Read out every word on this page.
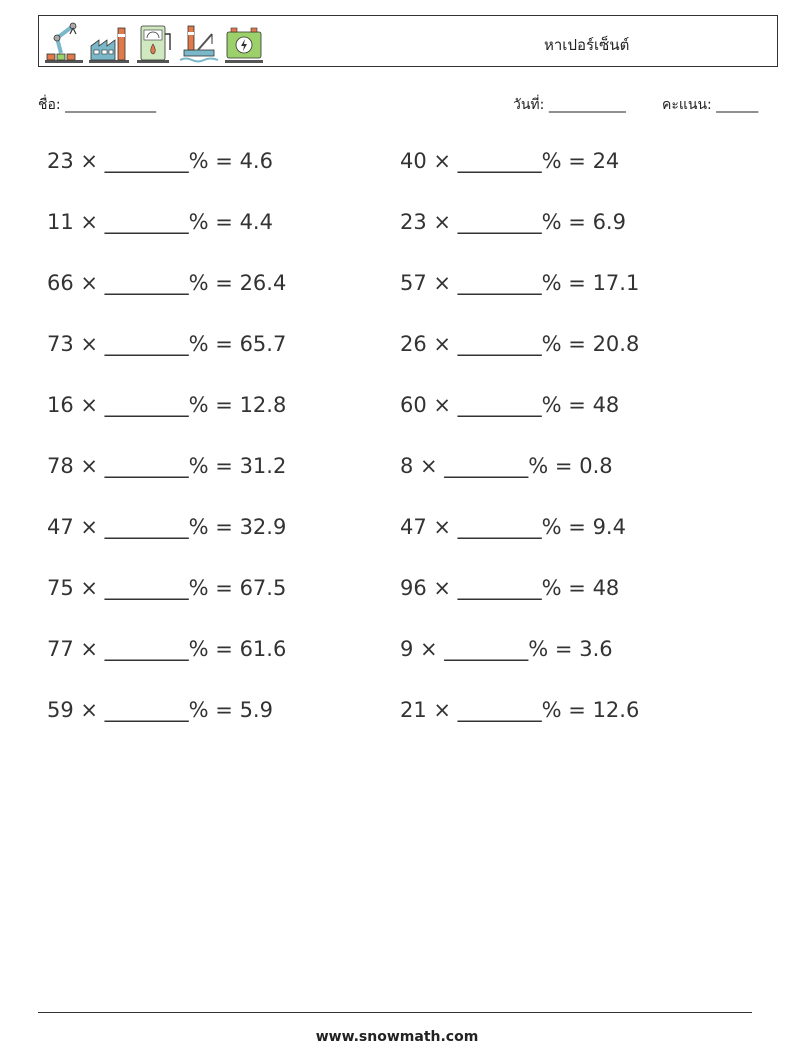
หาเปอร์เซ็นต์
ชื่อ: _____________	วันที่: ___________	คะแนน: ______
23 × ________% = 4.6
11 × ________% = 4.4
66 × ________% = 26.4
73 × ________% = 65.7
16 × ________% = 12.8
78 × ________% = 31.2
47 × ________% = 32.9
75 × ________% = 67.5
77 × ________% = 61.6
59 × ________% = 5.9
40 × ________% = 24
23 × ________% = 6.9
57 × ________% = 17.1
26 × ________% = 20.8
60 × ________% = 48
8 × ________% = 0.8
47 × ________% = 9.4
96 × ________% = 48
9 × ________% = 3.6
21 × ________% = 12.6
www.snowmath.com
